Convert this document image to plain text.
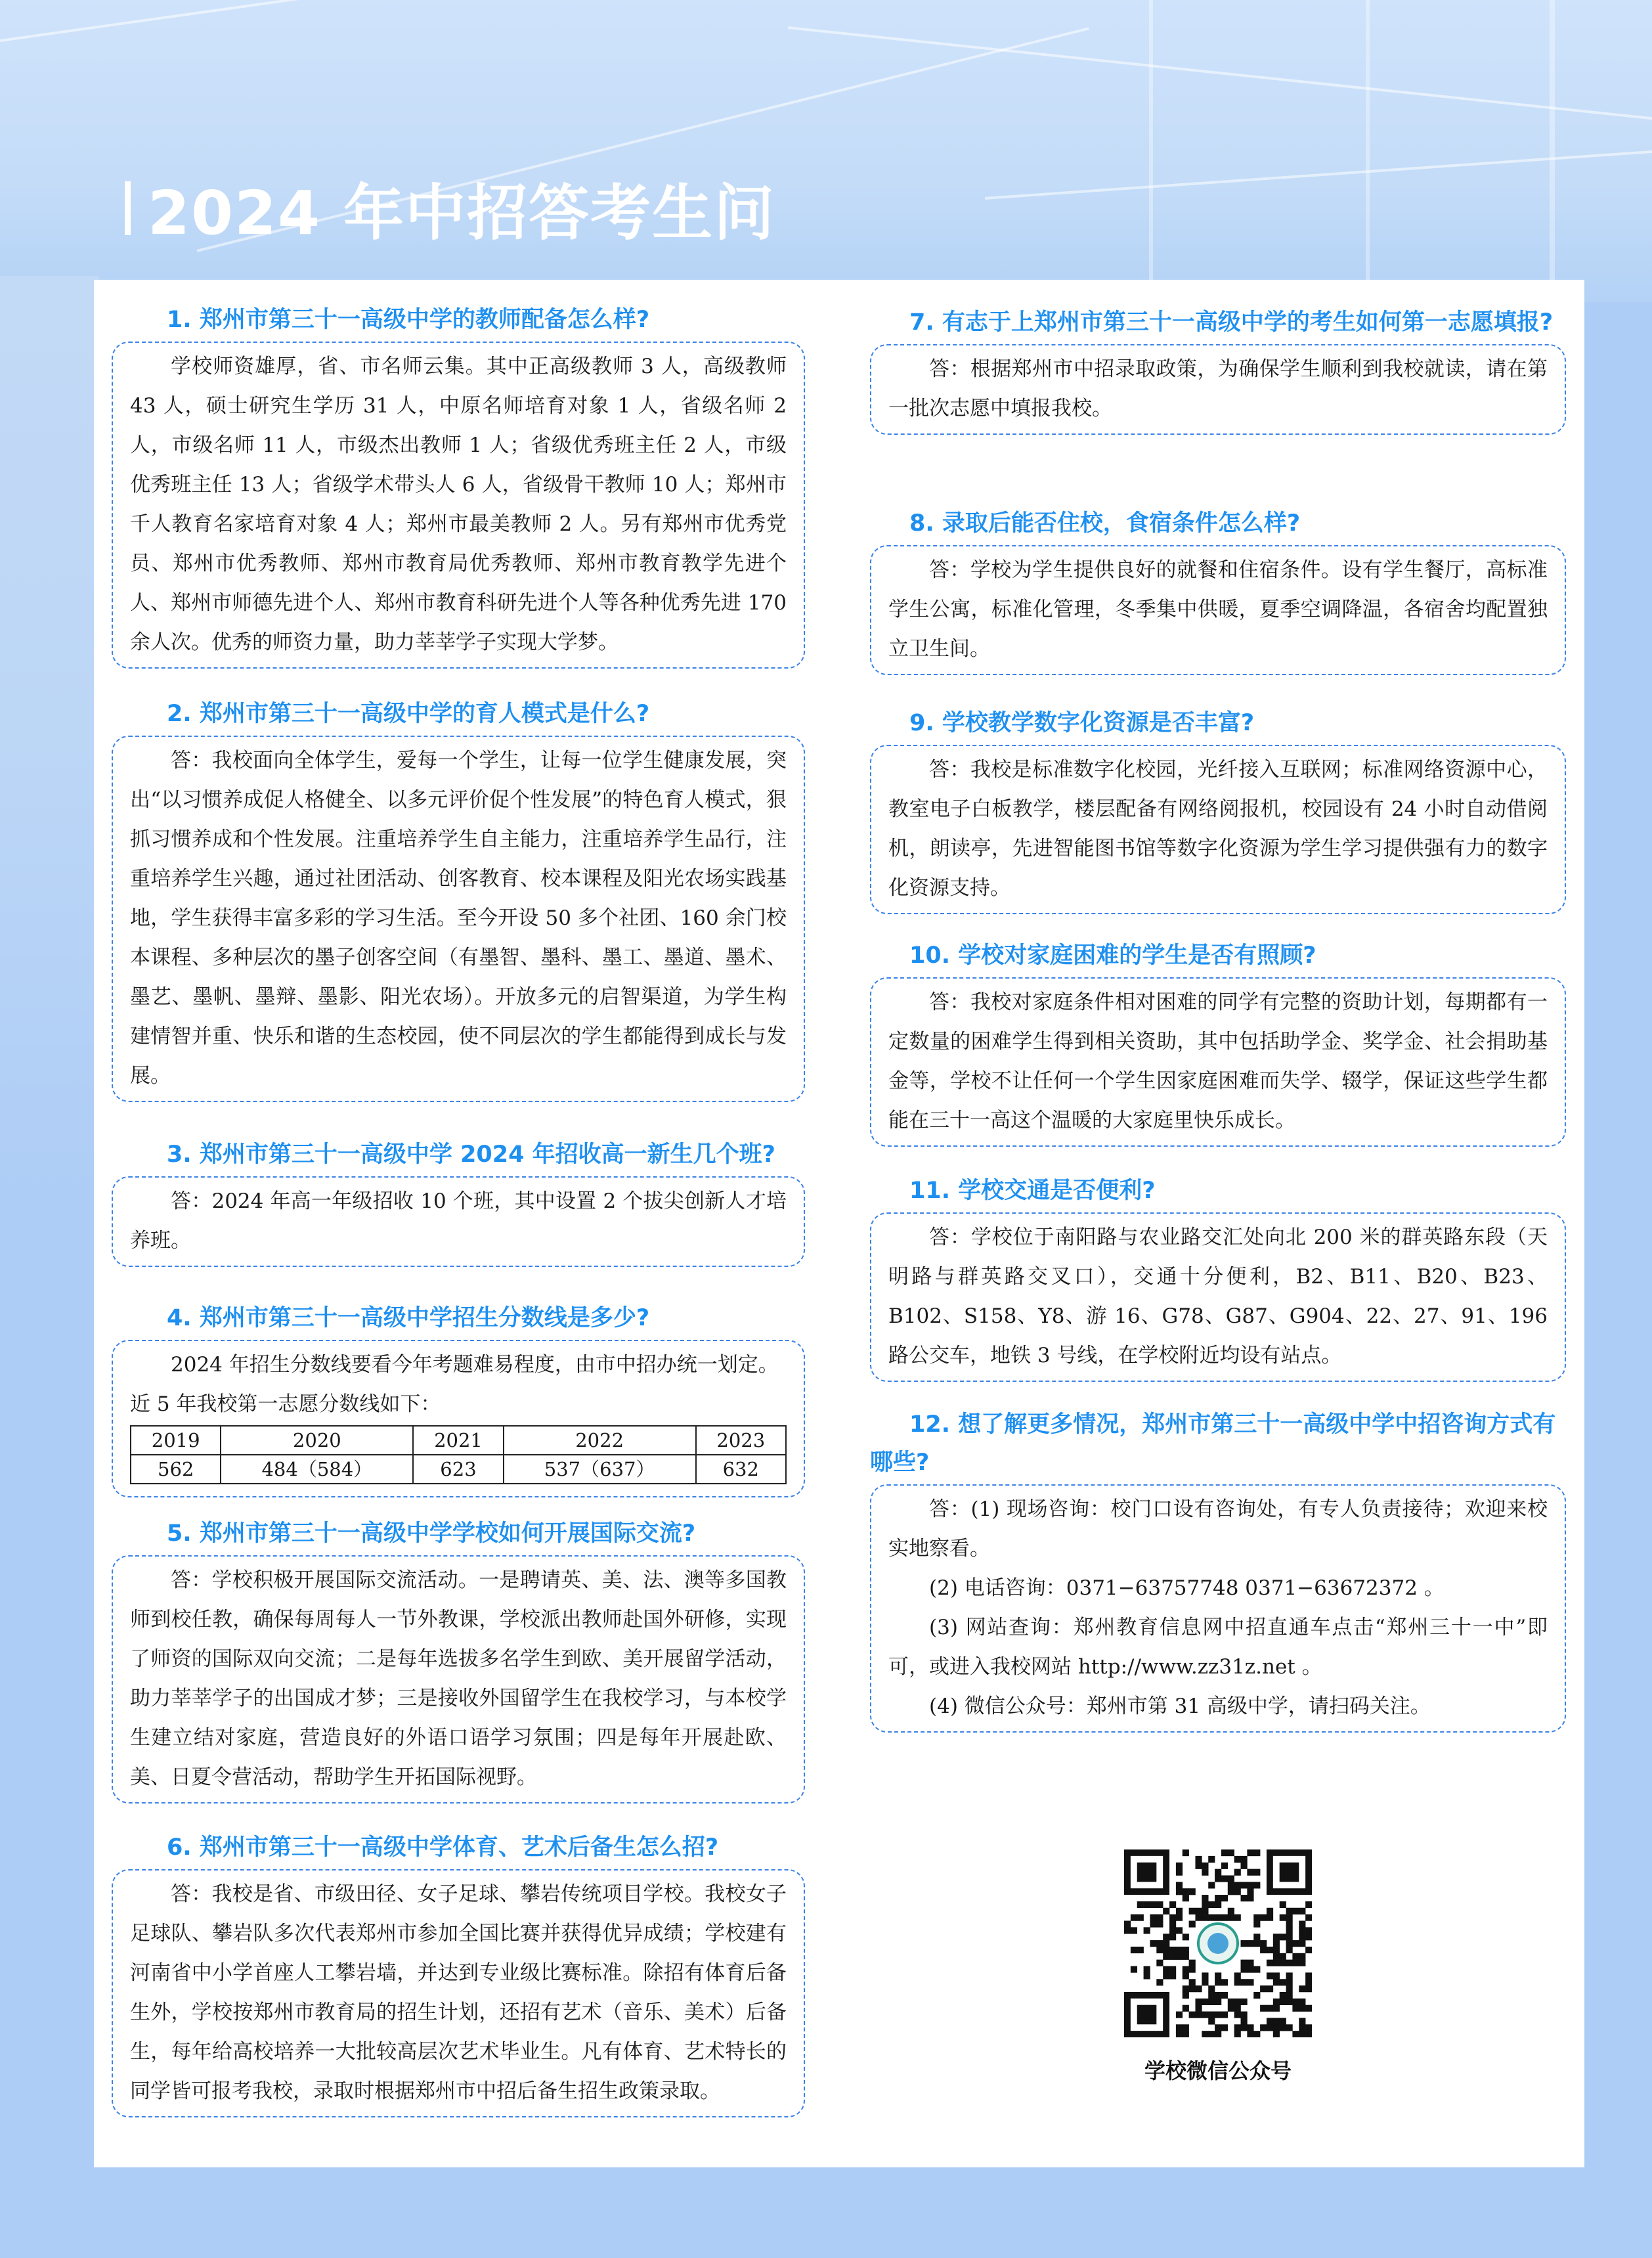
2024 年中招答考生问

1. 郑州市第三十一高级中学的教师配备怎么样?

学校师资雄厚，省、市名师云集。其中正高级教师 3 人，高级教师 43 人，硕士研究生学历 31 人，中原名师培育对象 1 人，省级名师 2 人，市级名师 11 人，市级杰出教师 1 人；省级优秀班主任 2 人，市级优秀班主任 13 人；省级学术带头人 6 人，省级骨干教师 10 人；郑州市千人教育名家培育对象 4 人；郑州市最美教师 2 人。另有郑州市优秀党员、郑州市优秀教师、郑州市教育局优秀教师、郑州市教育教学先进个人、郑州市师德先进个人、郑州市教育科研先进个人等各种优秀先进 170 余人次。优秀的师资力量，助力莘莘学子实现大学梦。

2. 郑州市第三十一高级中学的育人模式是什么?

答：我校面向全体学生，爱每一个学生，让每一位学生健康发展，突出“以习惯养成促人格健全、以多元评价促个性发展”的特色育人模式，狠抓习惯养成和个性发展。注重培养学生自主能力，注重培养学生品行，注重培养学生兴趣，通过社团活动、创客教育、校本课程及阳光农场实践基地，学生获得丰富多彩的学习生活。至今开设 50 多个社团、160 余门校本课程、多种层次的墨子创客空间（有墨智、墨科、墨工、墨道、墨术、墨艺、墨帆、墨辩、墨影、阳光农场）。开放多元的启智渠道，为学生构建情智并重、快乐和谐的生态校园，使不同层次的学生都能得到成长与发展。

3. 郑州市第三十一高级中学 2024 年招收高一新生几个班?

答：2024 年高一年级招收 10 个班，其中设置 2 个拔尖创新人才培养班。

4. 郑州市第三十一高级中学招生分数线是多少?

2024 年招生分数线要看今年考题难易程度，由市中招办统一划定。

近 5 年我校第一志愿分数线如下：

2019	2020	2021	2022	2023
562	484（584）	623	537（637）	632

5. 郑州市第三十一高级中学学校如何开展国际交流?

答：学校积极开展国际交流活动。一是聘请英、美、法、澳等多国教师到校任教，确保每周每人一节外教课，学校派出教师赴国外研修，实现了师资的国际双向交流；二是每年选拔多名学生到欧、美开展留学活动，助力莘莘学子的出国成才梦；三是接收外国留学生在我校学习，与本校学生建立结对家庭，营造良好的外语口语学习氛围；四是每年开展赴欧、美、日夏令营活动，帮助学生开拓国际视野。

6. 郑州市第三十一高级中学体育、艺术后备生怎么招?

答：我校是省、市级田径、女子足球、攀岩传统项目学校。我校女子足球队、攀岩队多次代表郑州市参加全国比赛并获得优异成绩；学校建有河南省中小学首座人工攀岩墙，并达到专业级比赛标准。除招有体育后备生外，学校按郑州市教育局的招生计划，还招有艺术（音乐、美术）后备生，每年给高校培养一大批较高层次艺术毕业生。凡有体育、艺术特长的同学皆可报考我校，录取时根据郑州市中招后备生招生政策录取。

7. 有志于上郑州市第三十一高级中学的考生如何第一志愿填报?

答：根据郑州市中招录取政策，为确保学生顺利到我校就读，请在第一批次志愿中填报我校。

8. 录取后能否住校，食宿条件怎么样?

答：学校为学生提供良好的就餐和住宿条件。设有学生餐厅，高标准学生公寓，标准化管理，冬季集中供暖，夏季空调降温，各宿舍均配置独立卫生间。

9. 学校教学数字化资源是否丰富?

答：我校是标准数字化校园，光纤接入互联网；标准网络资源中心，教室电子白板教学，楼层配备有网络阅报机，校园设有 24 小时自动借阅机，朗读亭，先进智能图书馆等数字化资源为学生学习提供强有力的数字化资源支持。

10. 学校对家庭困难的学生是否有照顾?

答：我校对家庭条件相对困难的同学有完整的资助计划，每期都有一定数量的困难学生得到相关资助，其中包括助学金、奖学金、社会捐助基金等，学校不让任何一个学生因家庭困难而失学、辍学，保证这些学生都能在三十一高这个温暖的大家庭里快乐成长。

11. 学校交通是否便利?

答：学校位于南阳路与农业路交汇处向北 200 米的群英路东段（天明路与群英路交叉口），交通十分便利，B2、B11、B20、B23、B102、S158、Y8、游 16、G78、G87、G904、22、27、91、196 路公交车，地铁 3 号线，在学校附近均设有站点。

12. 想了解更多情况，郑州市第三十一高级中学中招咨询方式有哪些?

答：(1) 现场咨询：校门口设有咨询处，有专人负责接待；欢迎来校实地察看。

(2) 电话咨询：0371−63757748 0371−63672372 。

(3) 网站查询：郑州教育信息网中招直通车点击“郑州三十一中”即可，或进入我校网站 http://www.zz31z.net 。

(4) 微信公众号：郑州市第 31 高级中学，请扫码关注。

学校微信公众号
